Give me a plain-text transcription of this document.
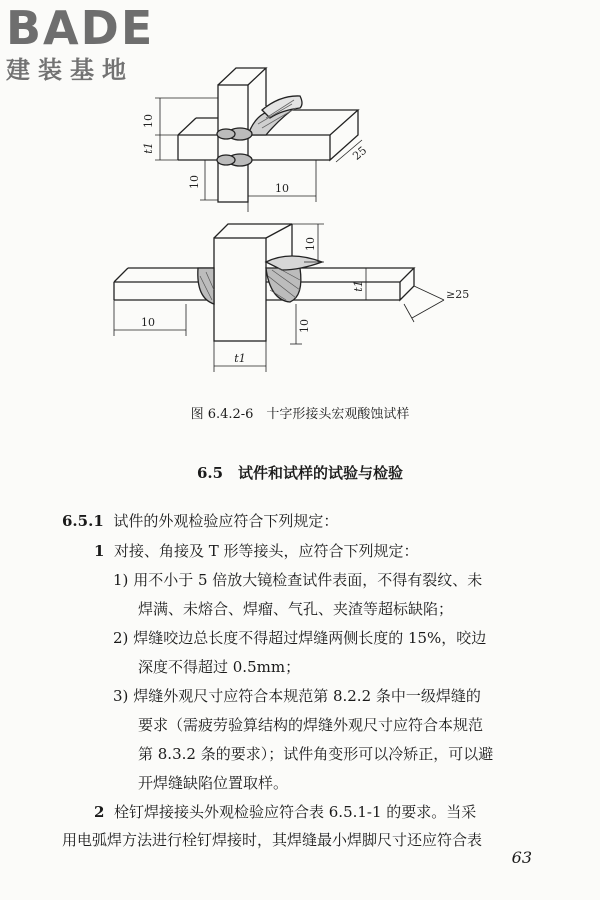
BADE
建装基地
10
t1
10	10
25
10
t1
≥25
10	10
t1
图 6.4.2-6　十字形接头宏观酸蚀试样
6.5　试件和试样的试验与检验
6.5.1 试件的外观检验应符合下列规定：
1 对接、角接及 T 形等接头，应符合下列规定：
1) 用不小于 5 倍放大镜检查试件表面，不得有裂纹、未
焊满、未熔合、焊瘤、气孔、夹渣等超标缺陷；
2) 焊缝咬边总长度不得超过焊缝两侧长度的 15%，咬边
深度不得超过 0.5mm；
3) 焊缝外观尺寸应符合本规范第 8.2.2 条中一级焊缝的
要求（需疲劳验算结构的焊缝外观尺寸应符合本规范
第 8.3.2 条的要求）；试件角变形可以冷矫正，可以避
开焊缝缺陷位置取样。
2 栓钉焊接接头外观检验应符合表 6.5.1-1 的要求。当采
用电弧焊方法进行栓钉焊接时，其焊缝最小焊脚尺寸还应符合表
63
